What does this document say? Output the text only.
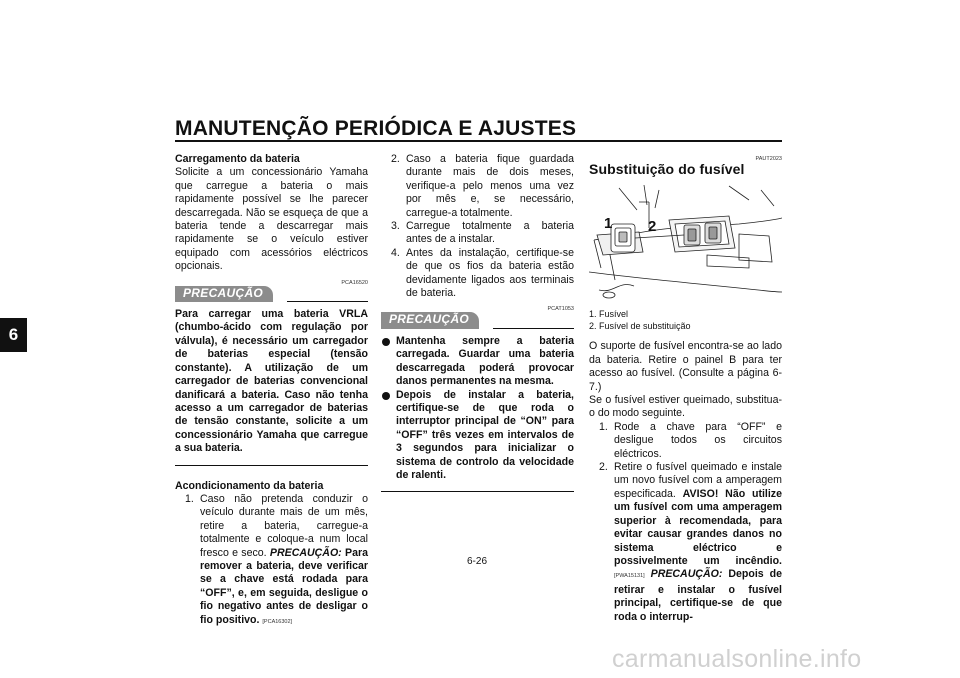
MANUTENÇÃO PERIÓDICA E AJUSTES
6

Carregamento da bateria

Solicite a um concessionário Yamaha que carregue a bateria o mais rapidamente possível se lhe parecer descarregada. Não se esqueça de que a bateria tende a descarregar mais rapidamente se o veículo estiver equipado com acessórios eléctricos opcionais.

PCA16520
PRECAUÇÃO

Para carregar uma bateria VRLA (chumbo-ácido com regulação por válvula), é necessário um carregador de baterias especial (tensão constante). A utilização de um carregador de baterias convencional danificará a bateria. Caso não tenha acesso a um carregador de baterias de tensão constante, solicite a um concessionário Yamaha que carregue a sua bateria.

Acondicionamento da bateria

1. Caso não pretenda conduzir o veículo durante mais de um mês, retire a bateria, carregue-a totalmente e coloque-a num local fresco e seco. PRECAUÇÃO: Para remover a bateria, deve verificar se a chave está rodada para “OFF”, e, em seguida, desligue o fio negativo antes de desligar o fio positivo. [PCA16302]
2. Caso a bateria fique guardada durante mais de dois meses, verifique-a pelo menos uma vez por mês e, se necessário, carregue-a totalmente.
3. Carregue totalmente a bateria antes de a instalar.
4. Antes da instalação, certifique-se de que os fios da bateria estão devidamente ligados aos terminais de bateria.
PCAT1053
PRECAUÇÃO
Mantenha sempre a bateria carregada. Guardar uma bateria descarregada poderá provocar danos permanentes na mesma.
Depois de instalar a bateria, certifique-se de que roda o interruptor principal de “ON” para “OFF” três vezes em intervalos de 3 segundos para inicializar o sistema de controlo da velocidade de ralenti.
PAUT2023

Substituição do fusível

1 2
1. Fusível
2. Fusível de substituição

O suporte de fusível encontra-se ao lado da bateria. Retire o painel B para ter acesso ao fusível. (Consulte a página 6-7.)

Se o fusível estiver queimado, substitua-o do modo seguinte.

1. Rode a chave para “OFF” e desligue todos os circuitos eléctricos.
2. Retire o fusível queimado e instale um novo fusível com a amperagem especificada. AVISO! Não utilize um fusível com uma amperagem superior à recomendada, para evitar causar grandes danos no sistema eléctrico e possivelmente um incêndio. [PWA15131] PRECAUÇÃO: Depois de retirar e instalar o fusível principal, certifique-se de que roda o interrup-
6-26
carmanualsonline.info
